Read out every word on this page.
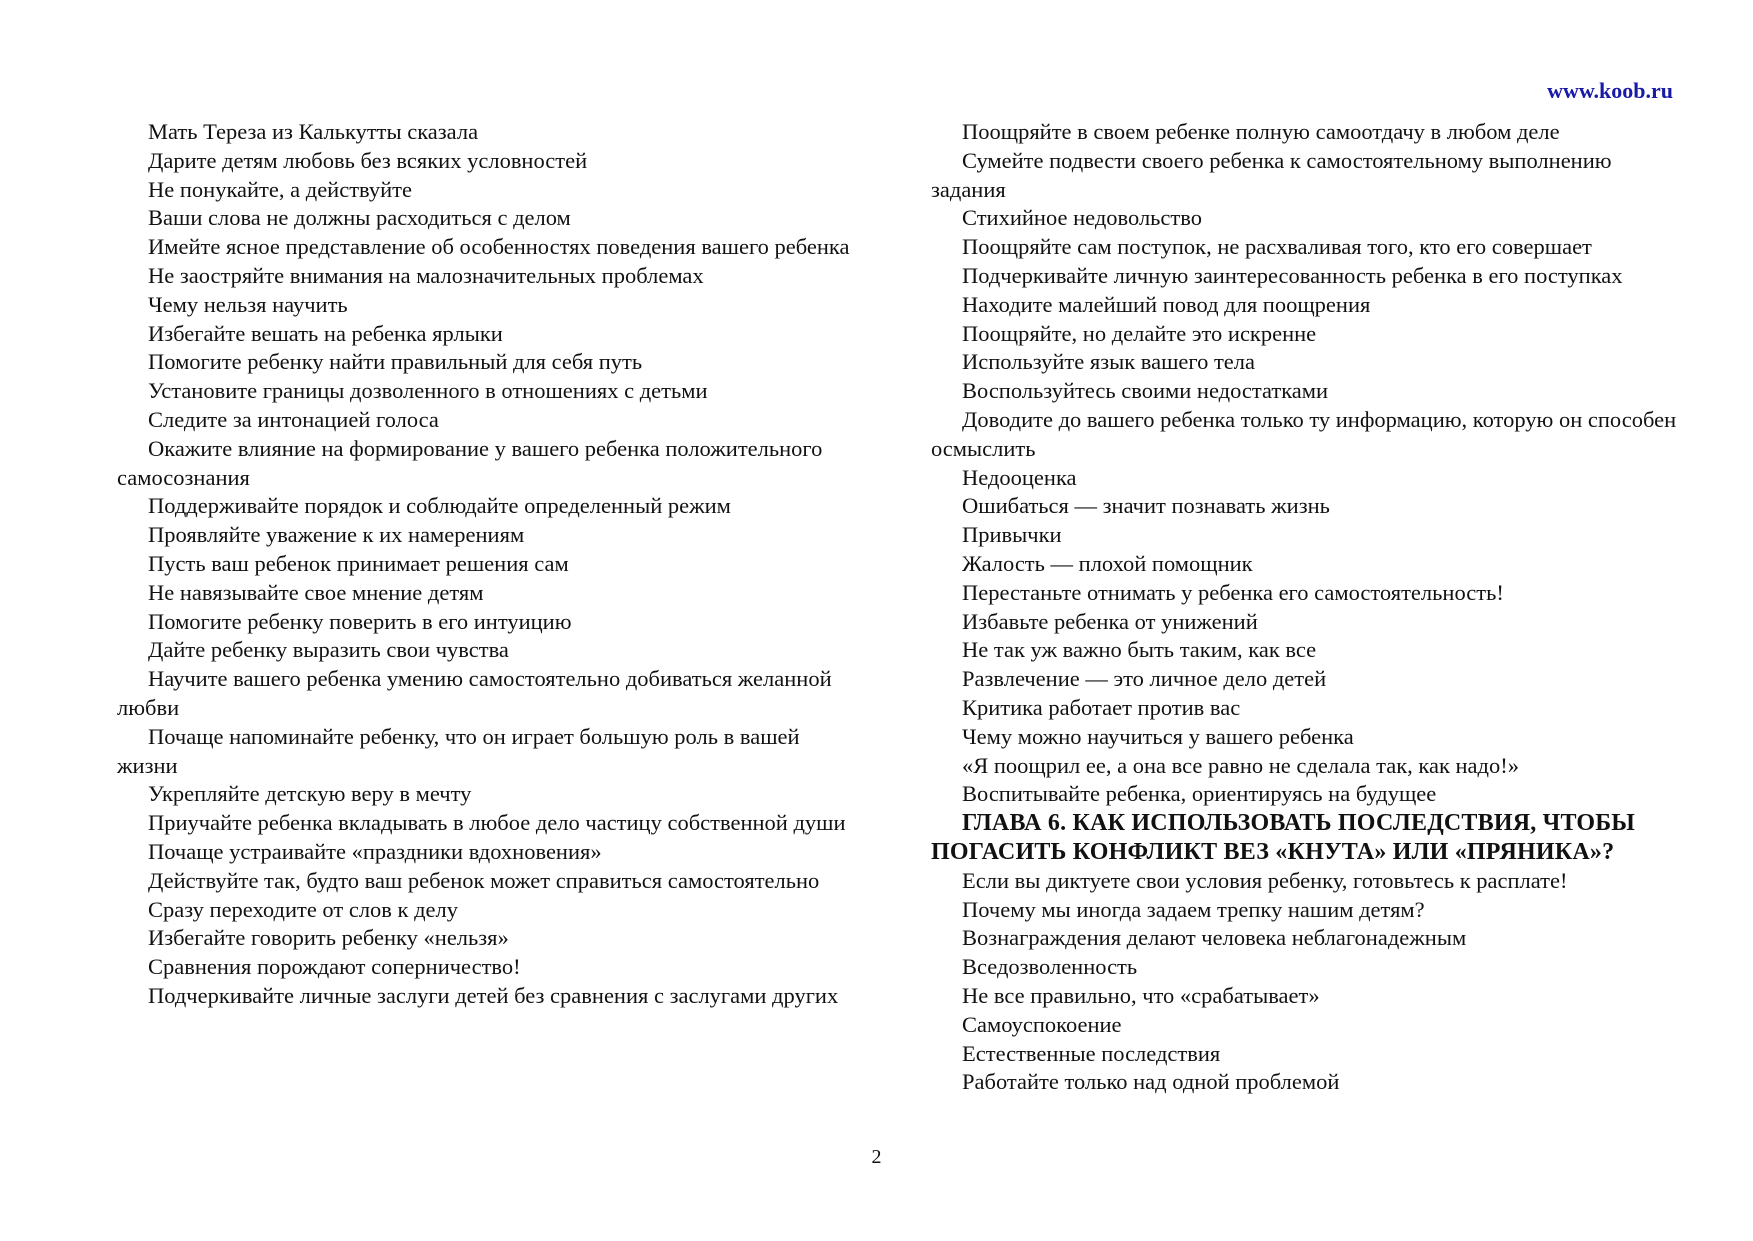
www.koob.ru

Мать Тереза из Калькутты сказала

Дарите детям любовь без всяких условностей

Не понукайте, а действуйте

Ваши слова не должны расходиться с делом

Имейте ясное представление об особенностях поведения вашего ребенка

Не заостряйте внимания на малозначительных проблемах

Чему нельзя научить

Избегайте вешать на ребенка ярлыки

Помогите ребенку найти правильный для себя путь

Установите границы дозволенного в отношениях с детьми

Следите за интонацией голоса

Окажите влияние на формирование у вашего ребенка положительного самосознания

Поддерживайте порядок и соблюдайте определенный режим

Проявляйте уважение к их намерениям

Пусть ваш ребенок принимает решения сам

Не навязывайте свое мнение детям

Помогите ребенку поверить в его интуицию

Дайте ребенку выразить свои чувства

Научите вашего ребенка умению самостоятельно добиваться желанной любви

Почаще напоминайте ребенку, что он играет большую роль в вашей жизни

Укрепляйте детскую веру в мечту

Приучайте ребенка вкладывать в любое дело частицу собственной души

Почаще устраивайте «праздники вдохновения»

Действуйте так, будто ваш ребенок может справиться самостоятельно

Сразу переходите от слов к делу

Избегайте говорить ребенку «нельзя»

Сравнения порождают соперничество!

Подчеркивайте личные заслуги детей без сравнения с заслугами других

Поощряйте в своем ребенке полную самоотдачу в любом деле

Сумейте подвести своего ребенка к самостоятельному выполнению задания

Стихийное недовольство

Поощряйте сам поступок, не расхваливая того, кто его совершает

Подчеркивайте личную заинтересованность ребенка в его поступках

Находите малейший повод для поощрения

Поощряйте, но делайте это искренне

Используйте язык вашего тела

Воспользуйтесь своими недостатками

Доводите до вашего ребенка только ту информацию, которую он способен осмыслить

Недооценка

Ошибаться — значит познавать жизнь

Привычки

Жалость — плохой помощник

Перестаньте отнимать у ребенка его самостоятельность!

Избавьте ребенка от унижений

Не так уж важно быть таким, как все

Развлечение — это личное дело детей

Критика работает против вас

Чему можно научиться у вашего ребенка

«Я поощрил ее, а она все равно не сделала так, как надо!»

Воспитывайте ребенка, ориентируясь на будущее

ГЛАВА 6. КАК ИСПОЛЬЗОВАТЬ ПОСЛЕДСТВИЯ, ЧТОБЫ ПОГАСИТЬ КОНФЛИКТ ВЕЗ «КНУТА» ИЛИ «ПРЯНИКА»?

Если вы диктуете свои условия ребенку, готовьтесь к расплате!

Почему мы иногда задаем трепку нашим детям?

Вознаграждения делают человека неблагонадежным

Вседозволенность

Не все правильно, что «срабатывает»

Самоуспокоение

Естественные последствия

Работайте только над одной проблемой

2
